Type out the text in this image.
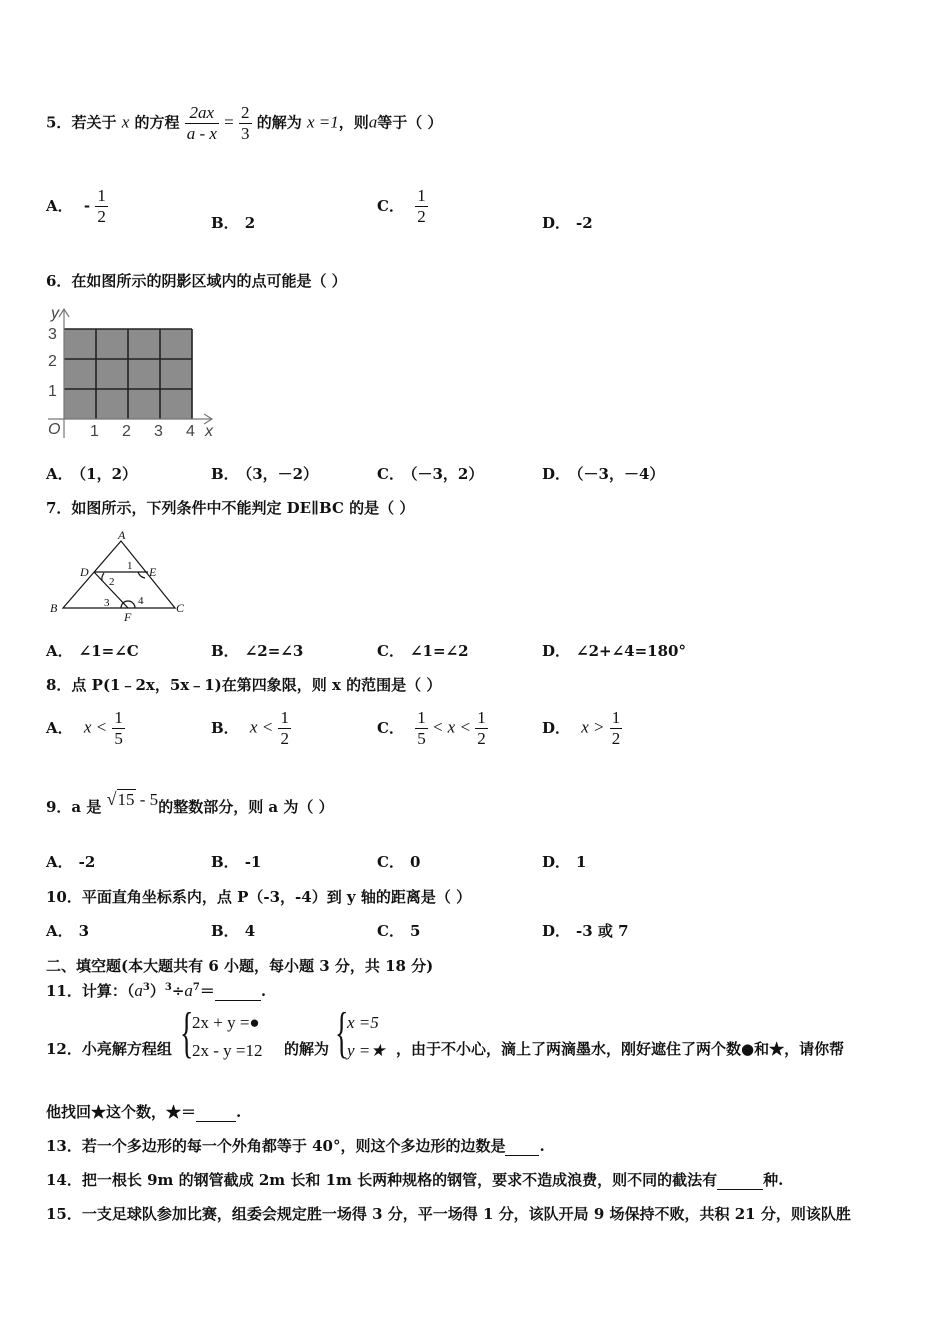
5．若关于 x 的方程 $\frac{2ax}{a - x} = \frac{2}{3}$ 的解为 x =1，则a等于（ ）
A． - $\frac{1}{2}$	B． 2
C． $\frac{1}{2}$	D． -2
6．在如图所示的阴影区域内的点可能是（ ）
y
3
2
1
O 1 2 3 4 x
A． （1，2）	B． （3，－2）	C． （－3，2）	D． （－3，－4）
7．如图所示，下列条件中不能判定 DE∥BC 的是（ ）
A
D	E
B	C
F
1
2
3	4
A． ∠1=∠C	B． ∠2=∠3	C． ∠1=∠2	D． ∠2+∠4=180°
8．点 P(1﹣2x，5x﹣1)在第四象限，则 x 的范围是（ ）
A． $x < \frac{1}{5}$	B． $x < \frac{1}{2}$	C． $\frac{1}{5} < x < \frac{1}{2}$	D． $x > \frac{1}{2}$
9．a 是 √15 - 5的整数部分，则 a 为（ ）
A． -2	B． -1	C． 0	D． 1
10．平面直角坐标系内，点 P（-3，-4）到 y 轴的距离是（ ）
A． 3	B． 4	C． 5	D． -3 或 7
二、填空题(本大题共有 6 小题，每小题 3 分，共 18 分)
11．计算：$(a^3)^3\div a^7=$	.
12．小亮解方程组 {
2x + y =●
2x - y =12 的解为 {
x =5
y =★ ，由于不小心，滴上了两滴墨水，刚好遮住了两个数●和★，请你帮
他找回★这个数，★＝	.
13．若一个多边形的每一个外角都等于 40°，则这个多边形的边数是 .
14．把一根长 9m 的钢管截成 2m 长和 1m 长两种规格的钢管，要求不造成浪费，则不同的截法有	种.
15．一支足球队参加比赛，组委会规定胜一场得 3 分，平一场得 1 分，该队开局 9 场保持不败，共积 21 分，则该队胜
